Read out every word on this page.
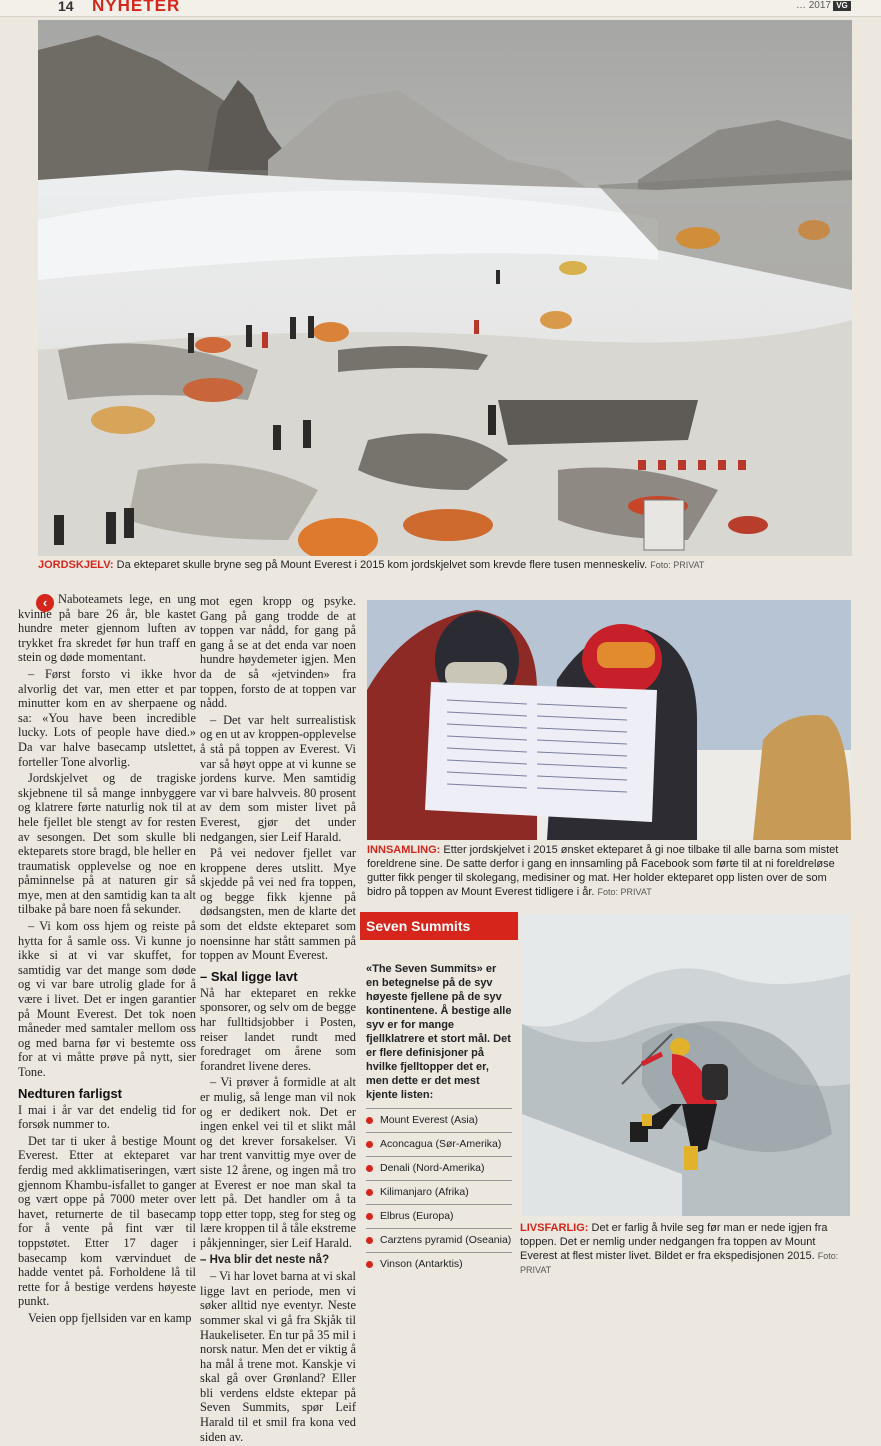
14 NYHETER	… 2017 VG
JORDSKJELV: Da ekteparet skulle bryne seg på Mount Everest i 2015 kom jordskjelvet som krevde flere tusen menneskeliv. Foto: PRIVAT
‹ Naboteamets lege, en ung kvinne på bare 26 år, ble kastet hundre meter gjennom luften av trykket fra skredet før hun traff en stein og døde momentant.

– Først forsto vi ikke hvor alvorlig det var, men etter et par minutter kom en av sherpaene og sa: «You have been incredible lucky. Lots of people have died.» Da var halve basecamp utslettet, forteller Tone alvorlig.

Jordskjelvet og de tragiske skjebnene til så mange innbyggere og klatrere førte naturlig nok til at hele fjellet ble stengt av for resten av sesongen. Det som skulle bli ekteparets store bragd, ble heller en traumatisk opplevelse og noe en påminnelse på at naturen gir så mye, men at den samtidig kan ta alt tilbake på bare noen få sekunder.

– Vi kom oss hjem og reiste på hytta for å samle oss. Vi kunne jo ikke si at vi var skuffet, for samtidig var det mange som døde og vi var bare utrolig glade for å være i livet. Det er ingen garantier på Mount Everest. Det tok noen måneder med samtaler mellom oss og med barna før vi bestemte oss for at vi måtte prøve på nytt, sier Tone.

Nedturen farligst

I mai i år var det endelig tid for forsøk nummer to.

Det tar ti uker å bestige Mount Everest. Etter at ekteparet var ferdig med akklimatiseringen, vært gjennom Khambu-isfallet to ganger og vært oppe på 7000 meter over havet, returnerte de til basecamp for å vente på fint vær til toppstøtet. Etter 17 dager i basecamp kom værvinduet de hadde ventet på. Forholdene lå til rette for å bestige verdens høyeste punkt.

Veien opp fjellsiden var en kamp

mot egen kropp og psyke. Gang på gang trodde de at toppen var nådd, for gang på gang å se at det enda var noen hundre høydemeter igjen. Men da de så «jetvinden» fra toppen, forsto de at toppen var nådd.

– Det var helt surrealistisk og en ut av kroppen-opplevelse å stå på toppen av Everest. Vi var så høyt oppe at vi kunne se jordens kurve. Men samtidig var vi bare halvveis. 80 prosent av dem som mister livet på Everest, gjør det under nedgangen, sier Leif Harald.

På vei nedover fjellet var kroppene deres utslitt. Mye skjedde på vei ned fra toppen, og begge fikk kjenne på dødsangsten, men de klarte det som det eldste ekteparet som noensinne har stått sammen på toppen av Mount Everest.

– Skal ligge lavt

Nå har ekteparet en rekke sponsorer, og selv om de begge har fulltidsjobber i Posten, reiser landet rundt med foredraget om årene som forandret livene deres.

– Vi prøver å formidle at alt er mulig, så lenge man vil nok og er dedikert nok. Det er ingen enkel vei til et slikt mål og det krever forsakelser. Vi har trent vanvittig mye over de siste 12 årene, og ingen må tro at Everest er noe man skal ta lett på. Det handler om å ta topp etter topp, steg for steg og lære kroppen til å tåle ekstreme påkjenninger, sier Leif Harald.

– Hva blir det neste nå?

– Vi har lovet barna at vi skal ligge lavt en periode, men vi søker alltid nye eventyr. Neste sommer skal vi gå fra Skjåk til Haukeliseter. En tur på 35 mil i norsk natur. Men det er viktig å ha mål å trene mot. Kanskje vi skal gå over Grønland? Eller bli verdens eldste ektepar på Seven Summits, spør Leif Harald til et smil fra kona ved siden av.

INNSAMLING: Etter jordskjelvet i 2015 ønsket ekteparet å gi noe tilbake til alle barna som mistet foreldrene sine. De satte derfor i gang en innsamling på Facebook som førte til at ni foreldreløse gutter fikk penger til skolegang, medisiner og mat. Her holder ekteparet opp listen over de som bidro på toppen av Mount Everest tidligere i år. Foto: PRIVAT
Seven Summits
«The Seven Summits» er en betegnelse på de syv høyeste fjellene på de syv kontinentene. Å bestige alle syv er for mange fjellklatrere et stort mål. Det er flere definisjoner på hvilke fjelltopper det er, men dette er det mest kjente listen:
Mount Everest (Asia)
Aconcagua (Sør-Amerika)
Denali (Nord-Amerika)
Kilimanjaro (Afrika)
Elbrus (Europa)
Carztens pyramid (Oseania)
Vinson (Antarktis)
LIVSFARLIG: Det er farlig å hvile seg før man er nede igjen fra toppen. Det er nemlig under nedgangen fra toppen av Mount Everest at flest mister livet. Bildet er fra ekspedisjonen 2015. Foto: PRIVAT
